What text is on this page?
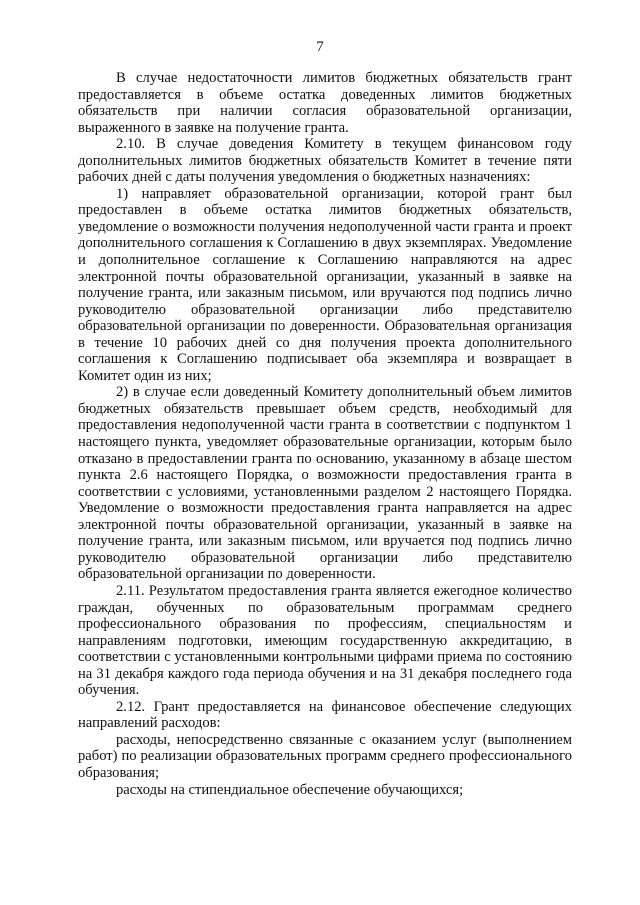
7

В случае недостаточности лимитов бюджетных обязательств грант предоставляется в объеме остатка доведенных лимитов бюджетных обязательств при наличии согласия образовательной организации, выраженного в заявке на получение гранта.

2.10. В случае доведения Комитету в текущем финансовом году дополнительных лимитов бюджетных обязательств Комитет в течение пяти рабочих дней с даты получения уведомления о бюджетных назначениях:

1) направляет образовательной организации, которой грант был предоставлен в объеме остатка лимитов бюджетных обязательств, уведомление о возможности получения недополученной части гранта и проект дополнительного соглашения к Соглашению в двух экземплярах. Уведомление и дополнительное соглашение к Соглашению направляются на адрес электронной почты образовательной организации, указанный в заявке на получение гранта, или заказным письмом, или вручаются под подпись лично руководителю образовательной организации либо представителю образовательной организации по доверенности. Образовательная организация в течение 10 рабочих дней со дня получения проекта дополнительного соглашения к Соглашению подписывает оба экземпляра и возвращает в Комитет один из них;

2) в случае если доведенный Комитету дополнительный объем лимитов бюджетных обязательств превышает объем средств, необходимый для предоставления недополученной части гранта в соответствии с подпунктом 1 настоящего пункта, уведомляет образовательные организации, которым было отказано в предоставлении гранта по основанию, указанному в абзаце шестом пункта 2.6 настоящего Порядка, о возможности предоставления гранта в соответствии с условиями, установленными разделом 2 настоящего Порядка. Уведомление о возможности предоставления гранта направляется на адрес электронной почты образовательной организации, указанный в заявке на получение гранта, или заказным письмом, или вручается под подпись лично руководителю образовательной организации либо представителю образовательной организации по доверенности.

2.11. Результатом предоставления гранта является ежегодное количество граждан, обученных по образовательным программам среднего профессионального образования по профессиям, специальностям и направлениям подготовки, имеющим государственную аккредитацию, в соответствии с установленными контрольными цифрами приема по состоянию на 31 декабря каждого года периода обучения и на 31 декабря последнего года обучения.

2.12. Грант предоставляется на финансовое обеспечение следующих направлений расходов:

расходы, непосредственно связанные с оказанием услуг (выполнением работ) по реализации образовательных программ среднего профессионального образования;

расходы на стипендиальное обеспечение обучающихся;
